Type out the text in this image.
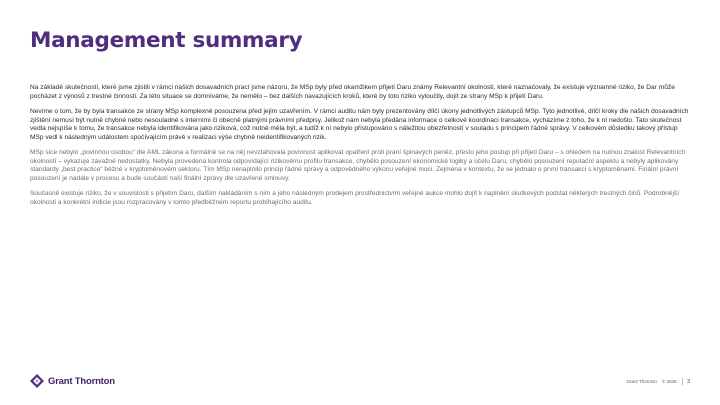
Management summary

Na základě skutečností, které jsme zjistili v rámci našich dosavadních prací jsme názoru, že MSp byly před okamžikem přijetí Daru známy Relevantní okolnosti, které naznačovaly, že existuje významné riziko, že Dar může pocházet z výnosů z trestné činnosti. Za této situace se domníváme, že nemělo – bez dalších navazujících kroků, které by toto riziko vyloučily, dojít ze strany MSp k přijetí Daru.

Nevíme o tom, že by byla transakce ze strany MSp komplexně posouzena před jejím uzavřením. V rámci auditu nám byly prezentovány dílčí úkony jednotlivých zástupců MSp. Tyto jednotlivé, dílčí kroky dle našich dosavadních zjištění nemusí být nutně chybné nebo nesouladné s interními či obecně platnými právními předpisy. Jelikož nám nebyla předána informace o celkové koordinaci transakce, vycházíme z toho, že k ní nedošlo. Tato skutečnost vedla nejspíše k tomu, že transakce nebyla identifikována jako riziková, což nutně měla být, a tudíž k ní nebylo přistupováno s náležitou obezřetností v souladu s principem řádné správy. V celkovém důsledku takový přístup MSp vedl k následným událostem spočívajícím právě v realizaci výše chybně neidentifikovaných rizik.

MSp sice nebylo „povinnou osobou“ dle AML zákona a formálně se na něj nevztahovala povinnost aplikovat opatření proti praní špinavých peněz, přesto jeho postup při přijetí Daru – s ohledem na nutnou znalost Relevantních okolností – vykazuje závažné nedostatky. Nebyla provedena kontrola odpovídající rizikovému profilu transakce, chybělo posouzení ekonomické logiky a účelu Daru, chybělo posouzení reputační aspektu a nebyly aplikovány standardy „best practice“ běžné v kryptoměnovém sektoru. Tím MSp nenaplnilo princip řádné správy a odpovědného výkonu veřejné moci. Zejména v kontextu, že se jednalo o první transakci s kryptoměnami. Finální právní posouzení je nadále v procesu a bude součástí naší finální zprávy dle uzavřené smlouvy.

Současně existuje riziko, že v souvislosti s přijetím Daru, dalším nakládáním s ním a jeho následným prodejem prostřednictvím veřejné aukce mohlo dojít k naplnění skutkových podstat některých trestných činů. Podrobnější okolnosti a konkrétní indicie jsou rozpracovány v tomto předběžném reportu probíhajícího auditu.

Grant Thornton	Grant Thornton © 2025 3
